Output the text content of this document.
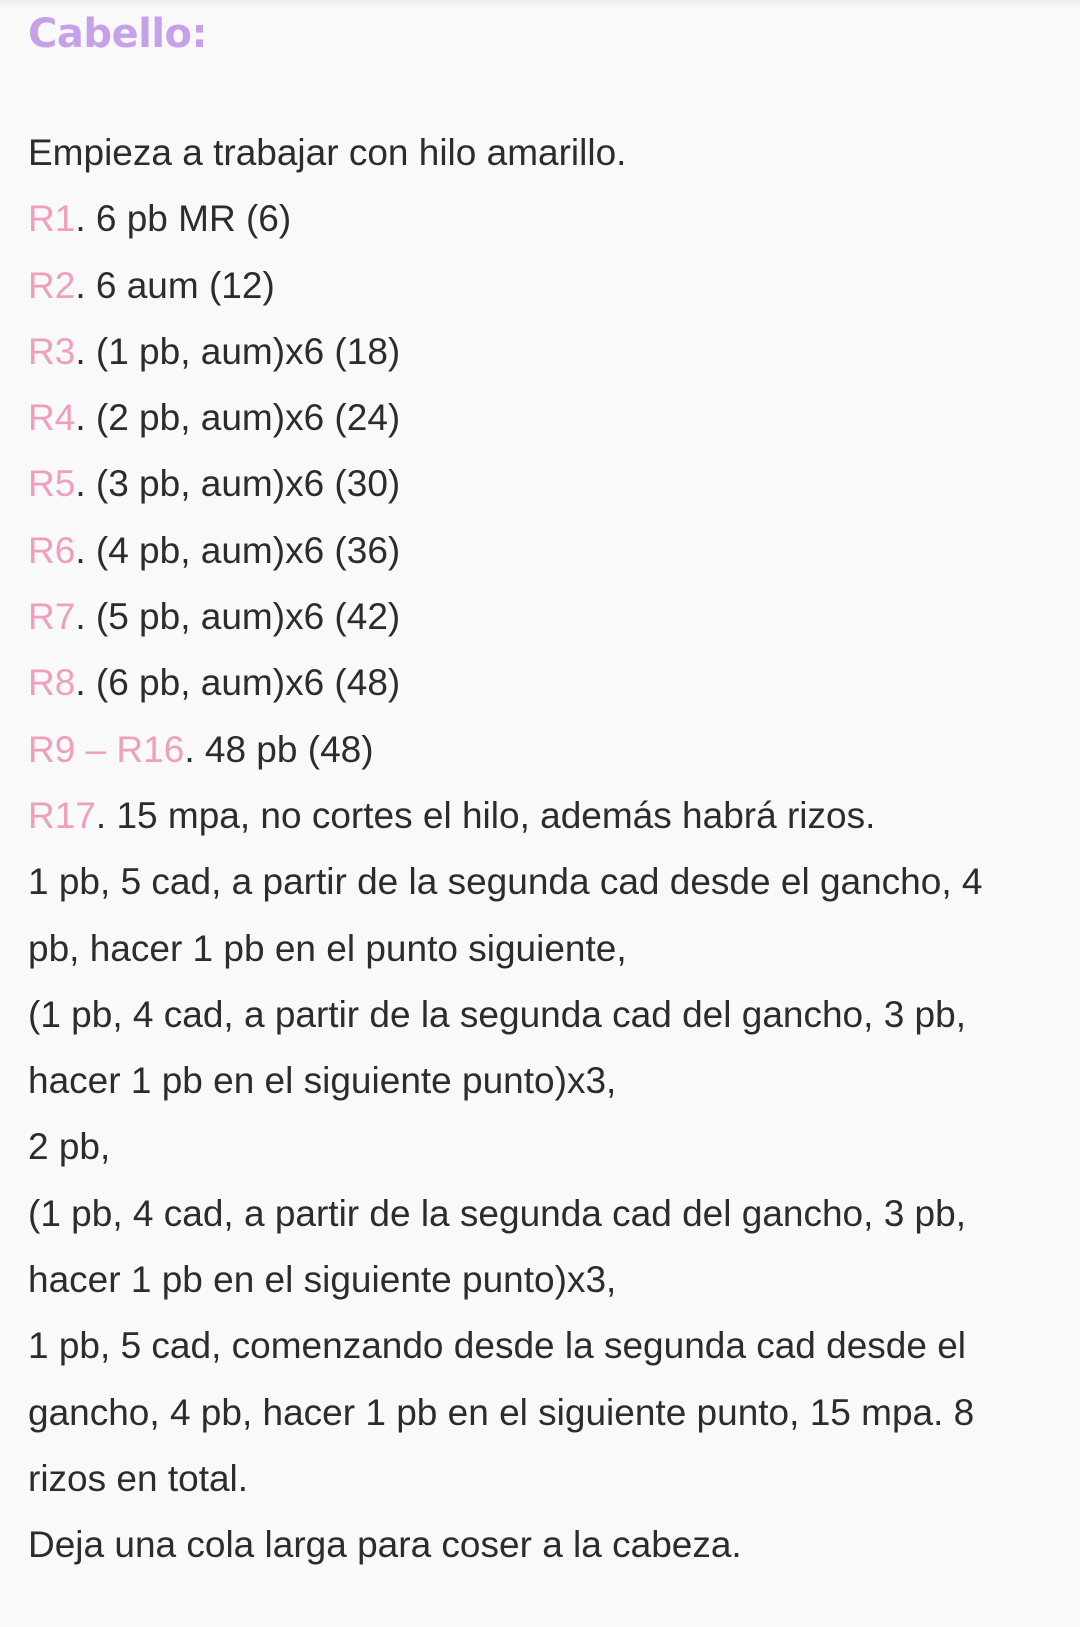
Cabello:
Empieza a trabajar con hilo amarillo.
R1. 6 pb MR (6)
R2. 6 aum (12)
R3. (1 pb, aum)x6 (18)
R4. (2 pb, aum)x6 (24)
R5. (3 pb, aum)x6 (30)
R6. (4 pb, aum)x6 (36)
R7. (5 pb, aum)x6 (42)
R8. (6 pb, aum)x6 (48)
R9 – R16. 48 pb (48)
R17. 15 mpa, no cortes el hilo, además habrá rizos.
1 pb, 5 cad, a partir de la segunda cad desde el gancho, 4
pb, hacer 1 pb en el punto siguiente,
(1 pb, 4 cad, a partir de la segunda cad del gancho, 3 pb,
hacer 1 pb en el siguiente punto)x3,
2 pb,
(1 pb, 4 cad, a partir de la segunda cad del gancho, 3 pb,
hacer 1 pb en el siguiente punto)x3,
1 pb, 5 cad, comenzando desde la segunda cad desde el
gancho, 4 pb, hacer 1 pb en el siguiente punto, 15 mpa. 8
rizos en total.
Deja una cola larga para coser a la cabeza.
